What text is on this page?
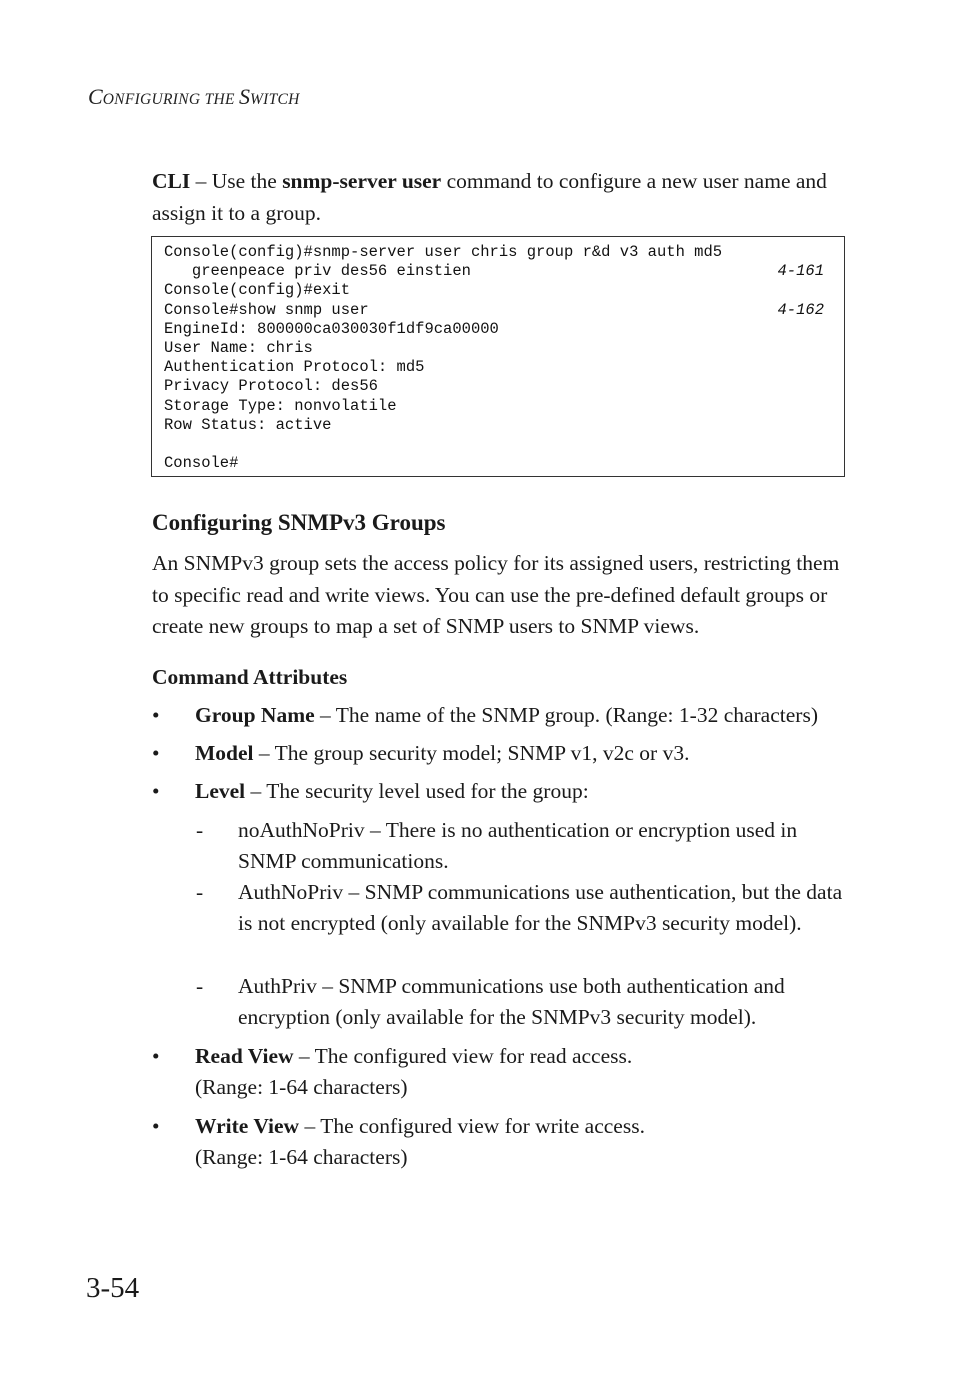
CONFIGURING THE SWITCH

CLI – Use the snmp-server user command to configure a new user name and assign it to a group.

Console(config)#snmp-server user chris group r&d v3 auth md5
greenpeace priv des56 einstien	4-161
Console(config)#exit
Console#show snmp user	4-162
EngineId: 800000ca030030f1df9ca00000
User Name: chris
Authentication Protocol: md5
Privacy Protocol: des56
Storage Type: nonvolatile
Row Status: active
Console#
Configuring SNMPv3 Groups

An SNMPv3 group sets the access policy for its assigned users, restricting them to specific read and write views. You can use the pre-defined default groups or create new groups to map a set of SNMP users to SNMP views.

Command Attributes
• Group Name – The name of the SNMP group. (Range: 1-32 characters)
• Model – The group security model; SNMP v1, v2c or v3.
• Level – The security level used for the group:
- noAuthNoPriv – There is no authentication or encryption used in SNMP communications.
- AuthNoPriv – SNMP communications use authentication, but the data is not encrypted (only available for the SNMPv3 security model).
- AuthPriv – SNMP communications use both authentication and encryption (only available for the SNMPv3 security model).
• Read View – The configured view for read access.
(Range: 1-64 characters)
• Write View – The configured view for write access.
(Range: 1-64 characters)
3-54
